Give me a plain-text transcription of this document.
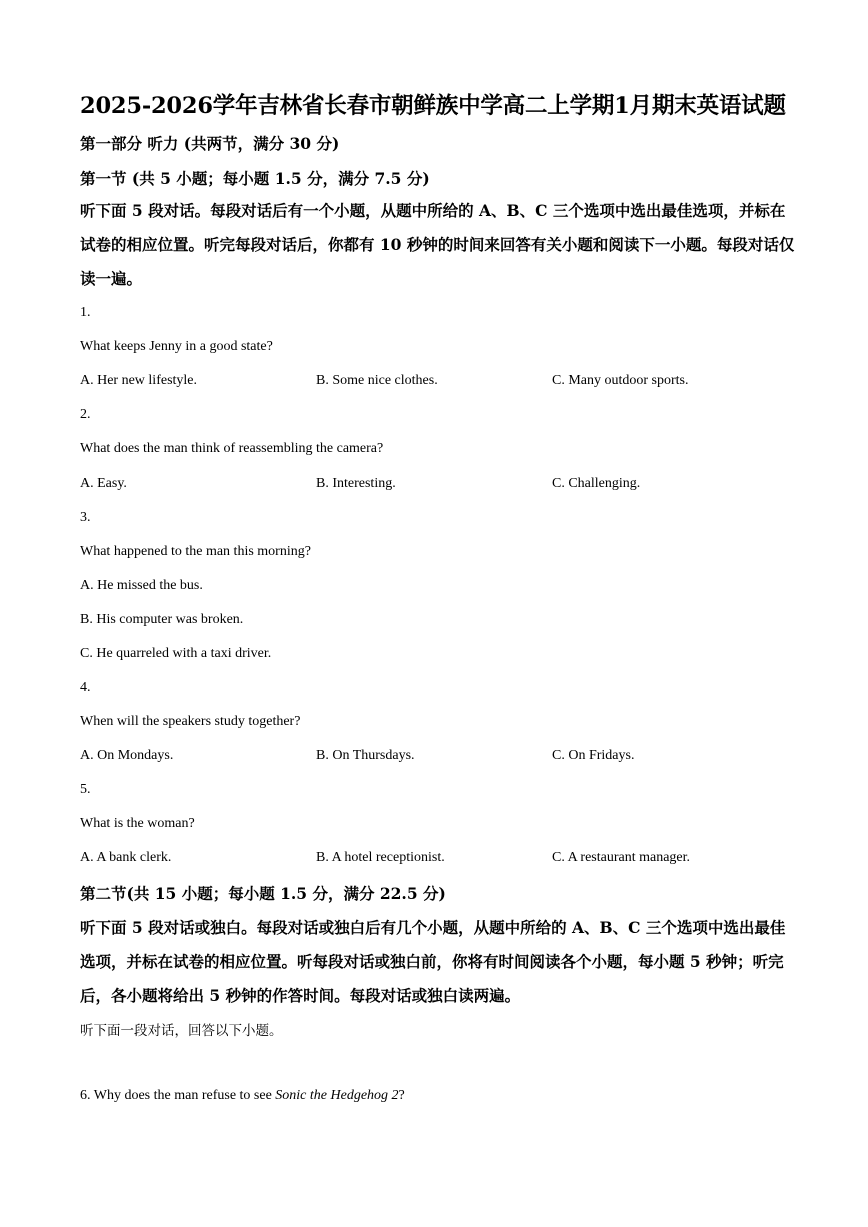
2025-2026学年吉林省长春市朝鲜族中学高二上学期1月期末英语试题
第一部分 听力 (共两节，满分 30 分)
第一节 (共 5 小题；每小题 1.5 分，满分 7.5 分)
听下面 5 段对话。每段对话后有一个小题，从题中所给的 A、B、C 三个选项中选出最佳选项，并标在试卷的相应位置。听完每段对话后，你都有 10 秒钟的时间来回答有关小题和阅读下一小题。每段对话仅读一遍。
1.
What keeps Jenny in a good state?
A. Her new lifestyle.	B. Some nice clothes.	C. Many outdoor sports.
2.
What does the man think of reassembling the camera?
A. Easy.	B. Interesting.	C. Challenging.
3.
What happened to the man this morning?
A. He missed the bus.
B. His computer was broken.
C. He quarreled with a taxi driver.
4.
When will the speakers study together?
A. On Mondays.	B. On Thursdays.	C. On Fridays.
5.
What is the woman?
A. A bank clerk.	B. A hotel receptionist.	C. A restaurant manager.
第二节(共 15 小题；每小题 1.5 分，满分 22.5 分)
听下面 5 段对话或独白。每段对话或独白后有几个小题，从题中所给的 A、B、C 三个选项中选出最佳选项，并标在试卷的相应位置。听每段对话或独白前，你将有时间阅读各个小题，每小题 5 秒钟；听完后，各小题将给出 5 秒钟的作答时间。每段对话或独白读两遍。
听下面一段对话，回答以下小题。
6. Why does the man refuse to see Sonic the Hedgehog 2?
